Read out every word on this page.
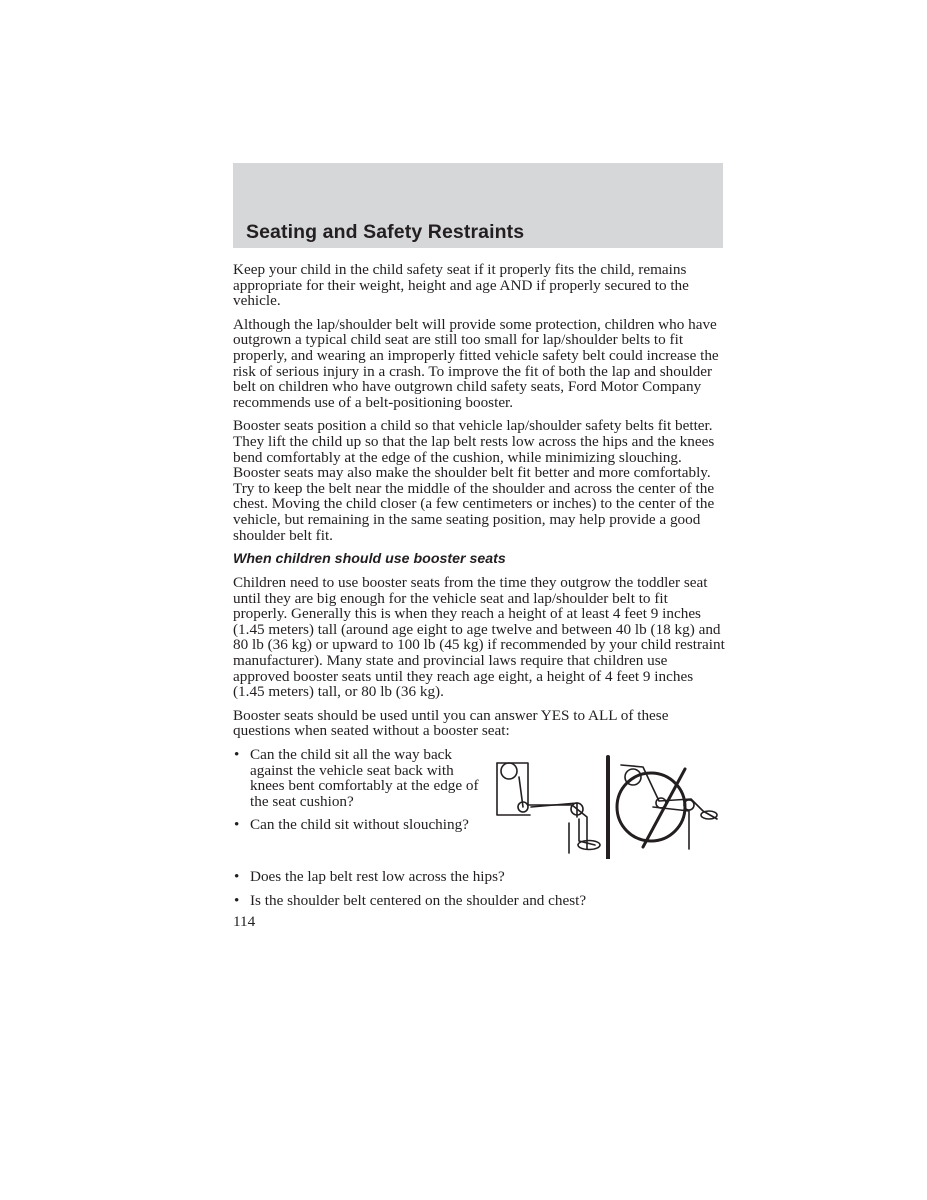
Seating and Safety Restraints

Keep your child in the child safety seat if it properly fits the child, remains appropriate for their weight, height and age AND if properly secured to the vehicle.

Although the lap/shoulder belt will provide some protection, children who have outgrown a typical child seat are still too small for lap/shoulder belts to fit properly, and wearing an improperly fitted vehicle safety belt could increase the risk of serious injury in a crash. To improve the fit of both the lap and shoulder belt on children who have outgrown child safety seats, Ford Motor Company recommends use of a belt-positioning booster.

Booster seats position a child so that vehicle lap/shoulder safety belts fit better. They lift the child up so that the lap belt rests low across the hips and the knees bend comfortably at the edge of the cushion, while minimizing slouching. Booster seats may also make the shoulder belt fit better and more comfortably. Try to keep the belt near the middle of the shoulder and across the center of the chest. Moving the child closer (a few centimeters or inches) to the center of the vehicle, but remaining in the same seating position, may help provide a good shoulder belt fit.

When children should use booster seats

Children need to use booster seats from the time they outgrow the toddler seat until they are big enough for the vehicle seat and lap/shoulder belt to fit properly. Generally this is when they reach a height of at least 4 feet 9 inches (1.45 meters) tall (around age eight to age twelve and between 40 lb (18 kg) and 80 lb (36 kg) or upward to 100 lb (45 kg) if recommended by your child restraint manufacturer). Many state and provincial laws require that children use approved booster seats until they reach age eight, a height of 4 feet 9 inches (1.45 meters) tall, or 80 lb (36 kg).

Booster seats should be used until you can answer YES to ALL of these questions when seated without a booster seat:

• Can the child sit all the way back against the vehicle seat back with knees bent comfortably at the edge of the seat cushion?
• Can the child sit without slouching?
• Does the lap belt rest low across the hips?
• Is the shoulder belt centered on the shoulder and chest?
114
